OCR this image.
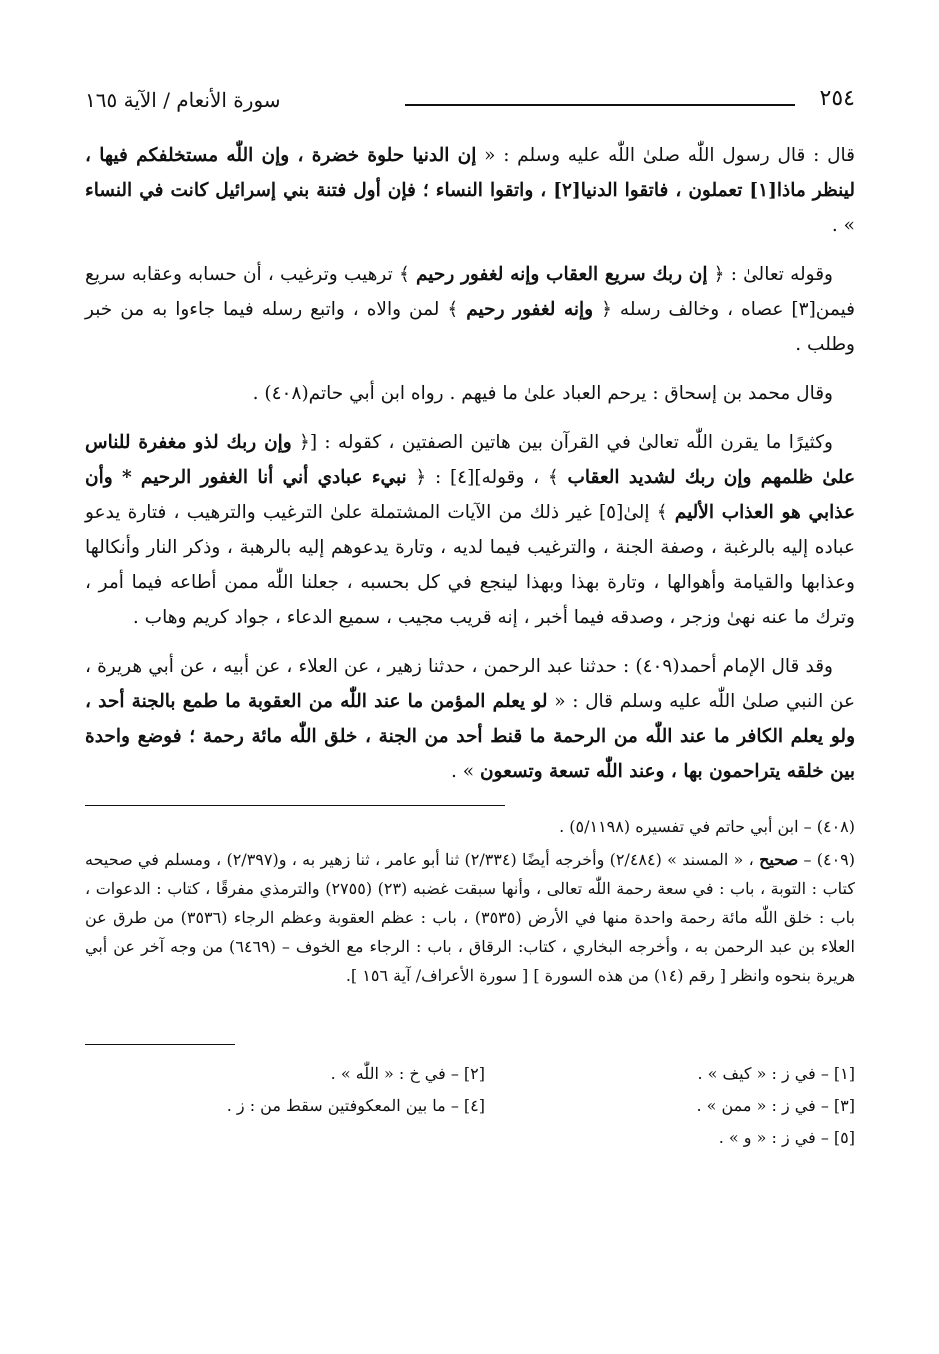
٢٥٤
سورة الأنعام / الآية ١٦٥

قال : قال رسول اللّٰه صلىٰ اللّٰه عليه وسلم : « إن الدنيا حلوة خضرة ، وإن اللّٰه مستخلفكم فيها ، لينظر ماذا[١] تعملون ، فاتقوا الدنيا[٢] ، واتقوا النساء ؛ فإن أول فتنة بني إسرائيل كانت في النساء » .

وقوله تعالىٰ : ﴿ إن ربك سريع العقاب وإنه لغفور رحيم ﴾ ترهيب وترغيب ، أن حسابه وعقابه سريع فيمن[٣] عصاه ، وخالف رسله ﴿ وإنه لغفور رحيم ﴾ لمن والاه ، واتبع رسله فيما جاءوا به من خبر وطلب .

وقال محمد بن إسحاق : يرحم العباد علىٰ ما فيهم . رواه ابن أبي حاتم(٤٠٨) .

وكثيرًا ما يقرن اللّٰه تعالىٰ في القرآن بين هاتين الصفتين ، كقوله : [﴿ وإن ربك لذو مغفرة للناس علىٰ ظلمهم وإن ربك لشديد العقاب ﴾ ، وقوله][٤] : ﴿ نبيء عبادي أني أنا الغفور الرحيم * وأن عذابي هو العذاب الأليم ﴾ إلىٰ[٥] غير ذلك من الآيات المشتملة علىٰ الترغيب والترهيب ، فتارة يدعو عباده إليه بالرغبة ، وصفة الجنة ، والترغيب فيما لديه ، وتارة يدعوهم إليه بالرهبة ، وذكر النار وأنكالها وعذابها والقيامة وأهوالها ، وتارة بهذا وبهذا لينجع في كل بحسبه ، جعلنا اللّٰه ممن أطاعه فيما أمر ، وترك ما عنه نهىٰ وزجر ، وصدقه فيما أخبر ، إنه قريب مجيب ، سميع الدعاء ، جواد كريم وهاب .

وقد قال الإمام أحمد(٤٠٩) : حدثنا عبد الرحمن ، حدثنا زهير ، عن العلاء ، عن أبيه ، عن أبي هريرة ، عن النبي صلىٰ اللّٰه عليه وسلم قال : « لو يعلم المؤمن ما عند اللّٰه من العقوبة ما طمع بالجنة أحد ، ولو يعلم الكافر ما عند اللّٰه من الرحمة ما قنط أحد من الجنة ، خلق اللّٰه مائة رحمة ؛ فوضع واحدة بين خلقه يتراحمون بها ، وعند اللّٰه تسعة وتسعون » .

(٤٠٨) – ابن أبي حاتم في تفسيره (٥/١١٩٨) .

(٤٠٩) – صحيح ، « المسند » (٢/٤٨٤) وأخرجه أيضًا (٢/٣٣٤) ثنا أبو عامر ، ثنا زهير به ، و(٢/٣٩٧) ، ومسلم في صحيحه كتاب : التوبة ، باب : في سعة رحمة اللّٰه تعالى ، وأنها سبقت غضبه (٢٣) (٢٧٥٥) والترمذي مفرقًا ، كتاب : الدعوات ، باب : خلق اللّٰه مائة رحمة واحدة منها في الأرض (٣٥٣٥) ، باب : عظم العقوبة وعظم الرجاء (٣٥٣٦) من طرق عن العلاء بن عبد الرحمن به ، وأخرجه البخاري ، كتاب: الرقاق ، باب : الرجاء مع الخوف – (٦٤٦٩) من وجه آخر عن أبي هريرة بنحوه وانظر [ رقم (١٤) من هذه السورة ] [ سورة الأعراف/ آية ١٥٦ ].

[١] – في ز : « كيف » .
[٢] – في خ : « اللّٰه » .
[٣] – في ز : « ممن » .
[٤] – ما بين المعكوفتين سقط من : ز .
[٥] – في ز : « و » .
